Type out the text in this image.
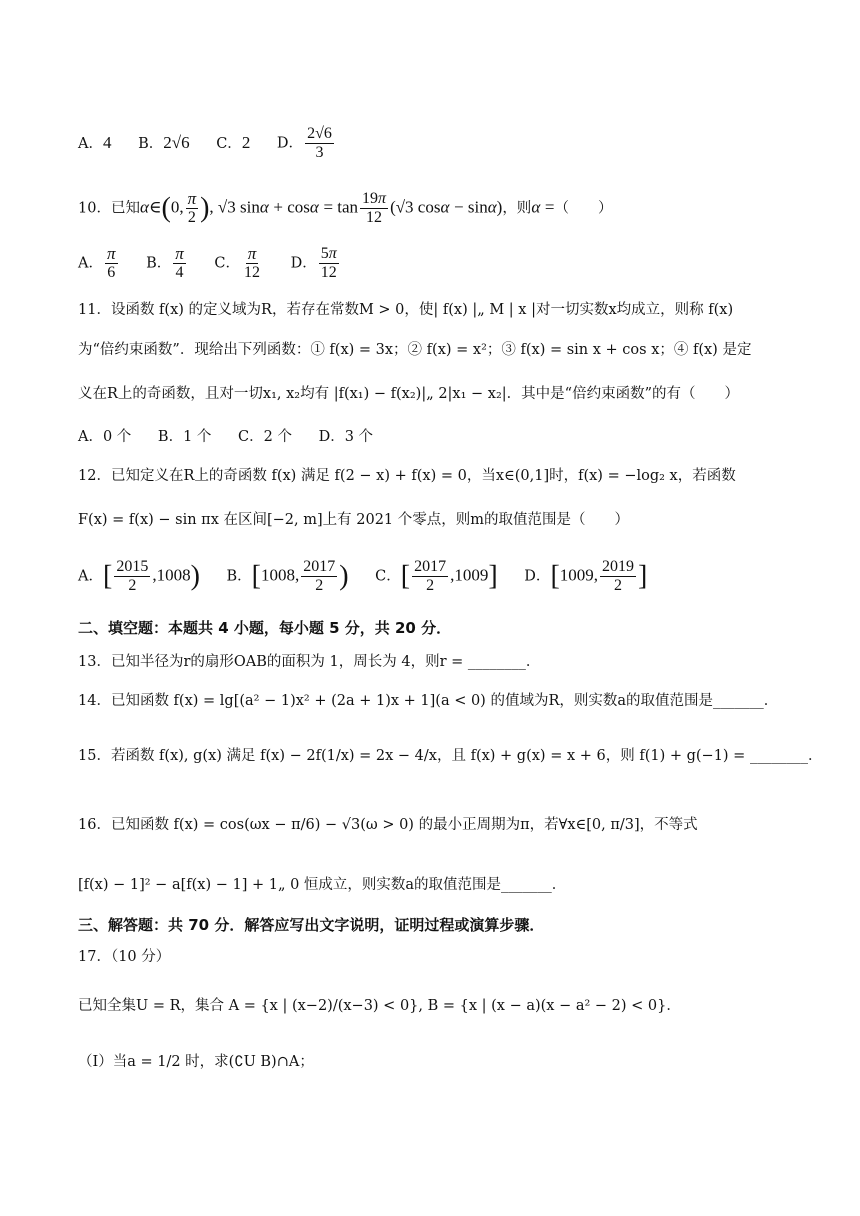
A．4 B．2√6 C．2 D． $\frac{2√6}{3}$
10．已知α∈(0, $\frac{\pi}{2}$ ), √3 $\sin\alpha + \cos\alpha = \tan \frac{19\pi}{12} (√3$ cosα − sinα)，则α =（　　）
A． $\frac{\pi}{6}$ B． $\frac{\pi}{4}$ C． $\frac{\pi}{12}$ D． $\frac{5\pi}{12}$
11．设函数 f(x) 的定义域为R，若存在常数M > 0，使| f(x) |„ M | x |对一切实数x均成立，则称 f(x)
为“倍约束函数”．现给出下列函数：① f(x) = 3x；② f(x) = x²；③ f(x) = sin x + cos x；④ f(x) 是定
义在R上的奇函数，且对一切x₁, x₂均有 |f(x₁) − f(x₂)|„ 2|x₁ − x₂|．其中是“倍约束函数”的有（　　）
A．0 个 B．1 个 C．2 个 D．3 个
12．已知定义在R上的奇函数 f(x) 满足 f(2 − x) + f(x) = 0，当x∈(0,1]时，f(x) = −log₂ x，若函数
F(x) = f(x) − sin πx 在区间[−2, m]上有 2021 个零点，则m的取值范围是（　　）
A．[ $\frac{2015}{2} ,1008$) B．[1008, $\frac{2017}{2}$ ) C．[ $\frac{2017}{2} ,1009$] D．[1009, $\frac{2019}{2}$ ]
二、填空题：本题共 4 小题，每小题 5 分，共 20 分．
13．已知半径为r的扇形OAB的面积为 1，周长为 4，则r = ________．
14．已知函数 f(x) = lg[(a² − 1)x² + (2a + 1)x + 1](a < 0) 的值域为R，则实数a的取值范围是_______．
15．若函数 f(x), g(x) 满足 f(x) − 2f(1/x) = 2x − 4/x，且 f(x) + g(x) = x + 6，则 f(1) + g(−1) = ________．
16．已知函数 f(x) = cos(ωx − π/6) − √3(ω > 0) 的最小正周期为π，若∀x∈[0, π/3]，不等式
[f(x) − 1]² − a[f(x) − 1] + 1„ 0 恒成立，则实数a的取值范围是_______．
三、解答题：共 70 分．解答应写出文字说明，证明过程或演算步骤．
17．（10 分）
已知全集U = R，集合 A = {x | (x−2)/(x−3) < 0}, B = {x | (x − a)(x − a² − 2) < 0}．
（Ⅰ）当a = 1/2 时，求(∁U B)∩A；
